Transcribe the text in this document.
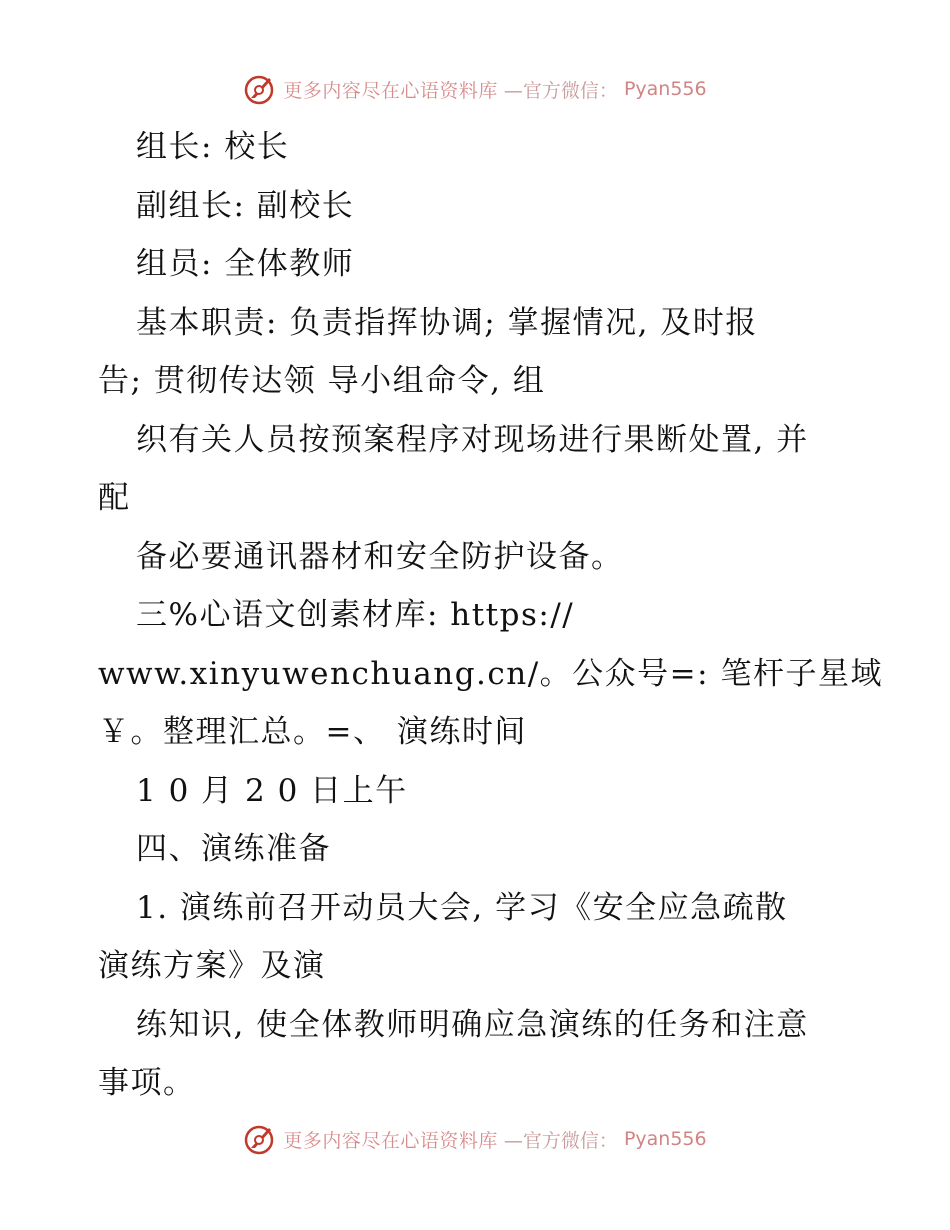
更多内容尽在心语资料库 —官方微信： Pyan556
组长: 校长
副组长: 副校长
组员: 全体教师
基本职责: 负责指挥协调; 掌握情况, 及时报
告; 贯彻传达领 导小组命令, 组
织有关人员按预案程序对现场进行果断处置, 并
配
备必要通讯器材和安全防护设备。
三%心语文创素材库: https://
www.xinyuwenchuang.cn/。公众号=: 笔杆子星域
￥。整理汇总。=、 演练时间
1 0 月 2 0 日上午
四、演练准备
1. 演练前召开动员大会, 学习《安全应急疏散
演练方案》及演
练知识, 使全体教师明确应急演练的任务和注意
事项。
更多内容尽在心语资料库 —官方微信： Pyan556
